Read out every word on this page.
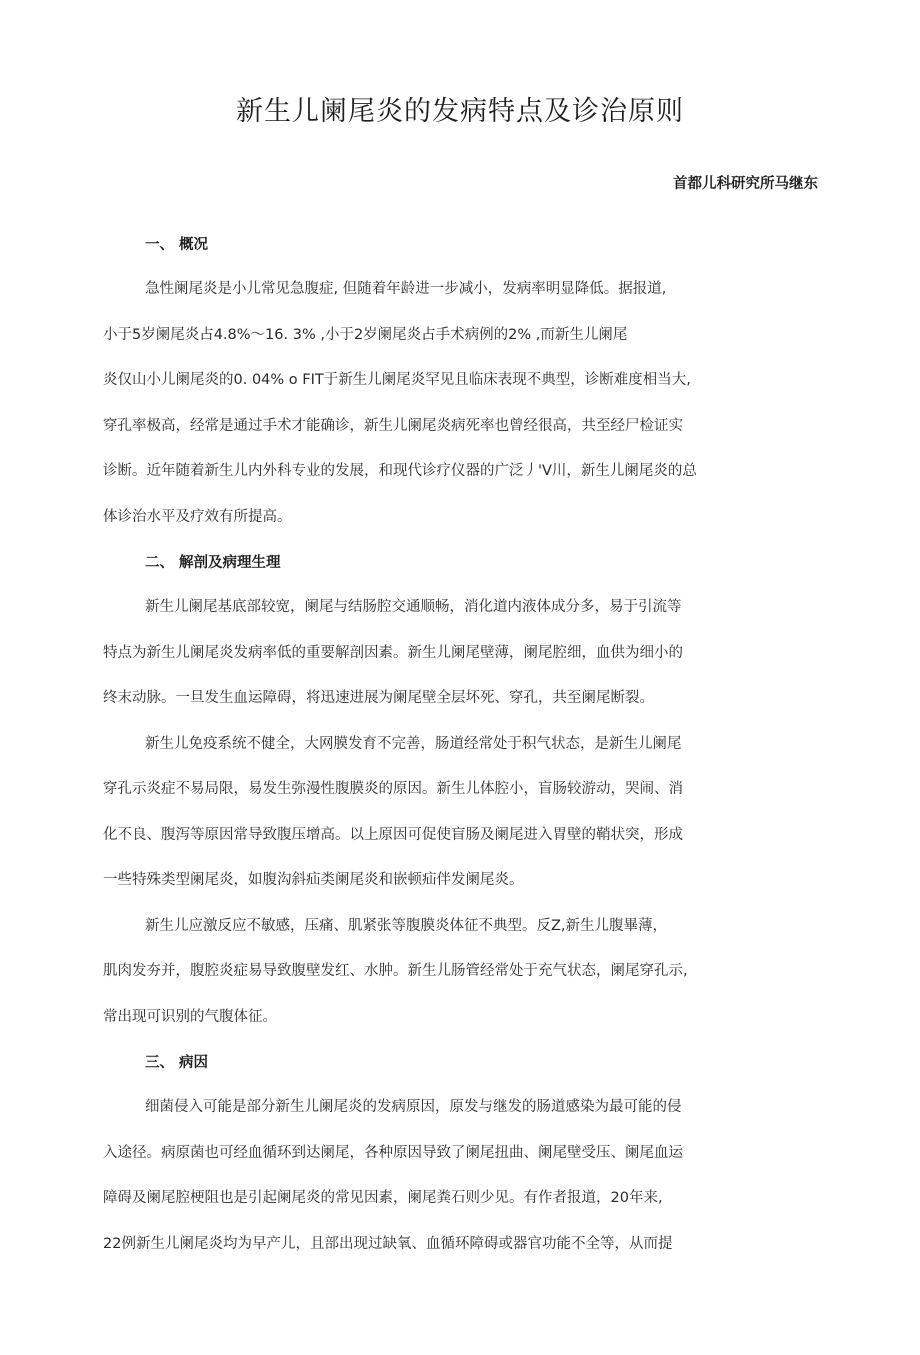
新生儿阑尾炎的发病特点及诊治原则
首都儿科研究所马继东
一、 概况
急性阑尾炎是小儿常见急腹症, 但随着年龄进一步减小，发病率明显降低。据报道,
小于5岁阑尾炎占4.8%～16. 3% ,小于2岁阑尾炎占手术病例的2% ,而新生儿阑尾
炎仅山小儿阑尾炎的0. 04% o FIT于新生儿阑尾炎罕见且临床表现不典型，诊断难度相当大,
穿孔率极高，经常是通过手术才能确诊，新生儿阑尾炎病死率也曾经很高，共至经尸检证实
诊断。近年随着新生儿内外科专业的发展，和现代诊疗仪器的广泛丿'V川，新生儿阑尾炎的总
体诊治水平及疗效有所提高。
二、 解剖及病理生理
新生儿阑尾基底部较宽，阑尾与结肠腔交通顺畅，消化道内液体成分多，易于引流等
特点为新生儿阑尾炎发病率低的重要解剖因素。新生儿阑尾壁薄，阑尾腔细，血供为细小的
终末动脉。一旦发生血运障碍，将迅速进展为阑尾壁全层坏死、穿孔，共至阑尾断裂。
新生儿免疫系统不健全，大网膜发育不完善，肠道经常处于积气状态，是新生儿阑尾
穿孔示炎症不易局限，易发生弥漫性腹膜炎的原因。新生儿体腔小，盲肠较游动，哭闹、消
化不良、腹泻等原因常导致腹压增高。以上原因可促使盲肠及阑尾进入胃壁的鞘状突，形成
一些特殊类型阑尾炎，如腹沟斜疝类阑尾炎和嵌顿疝伴发阑尾炎。
新生儿应激反应不敏感，压痛、肌紧张等腹膜炎体征不典型。反Z,新生儿腹畢薄，
肌肉发夯并，腹腔炎症易导致腹壁发红、水肿。新生儿肠管经常处于充气状态，阑尾穿孔示,
常出现可识别的气腹体征。
三、 病因
细菌侵入可能是部分新生儿阑尾炎的发病原因，原发与继发的肠道感染为最可能的侵
入途径。病原菌也可经血循环到达阑尾，各种原因导致了阑尾扭曲、阑尾壁受压、阑尾血运
障碍及阑尾腔梗阻也是引起阑尾炎的常见因素，阑尾粪石则少见。有作者报道，20年来,
22例新生儿阑尾炎均为早产儿，且部出现过缺氧、血循环障碍或器官功能不全等，从而提
